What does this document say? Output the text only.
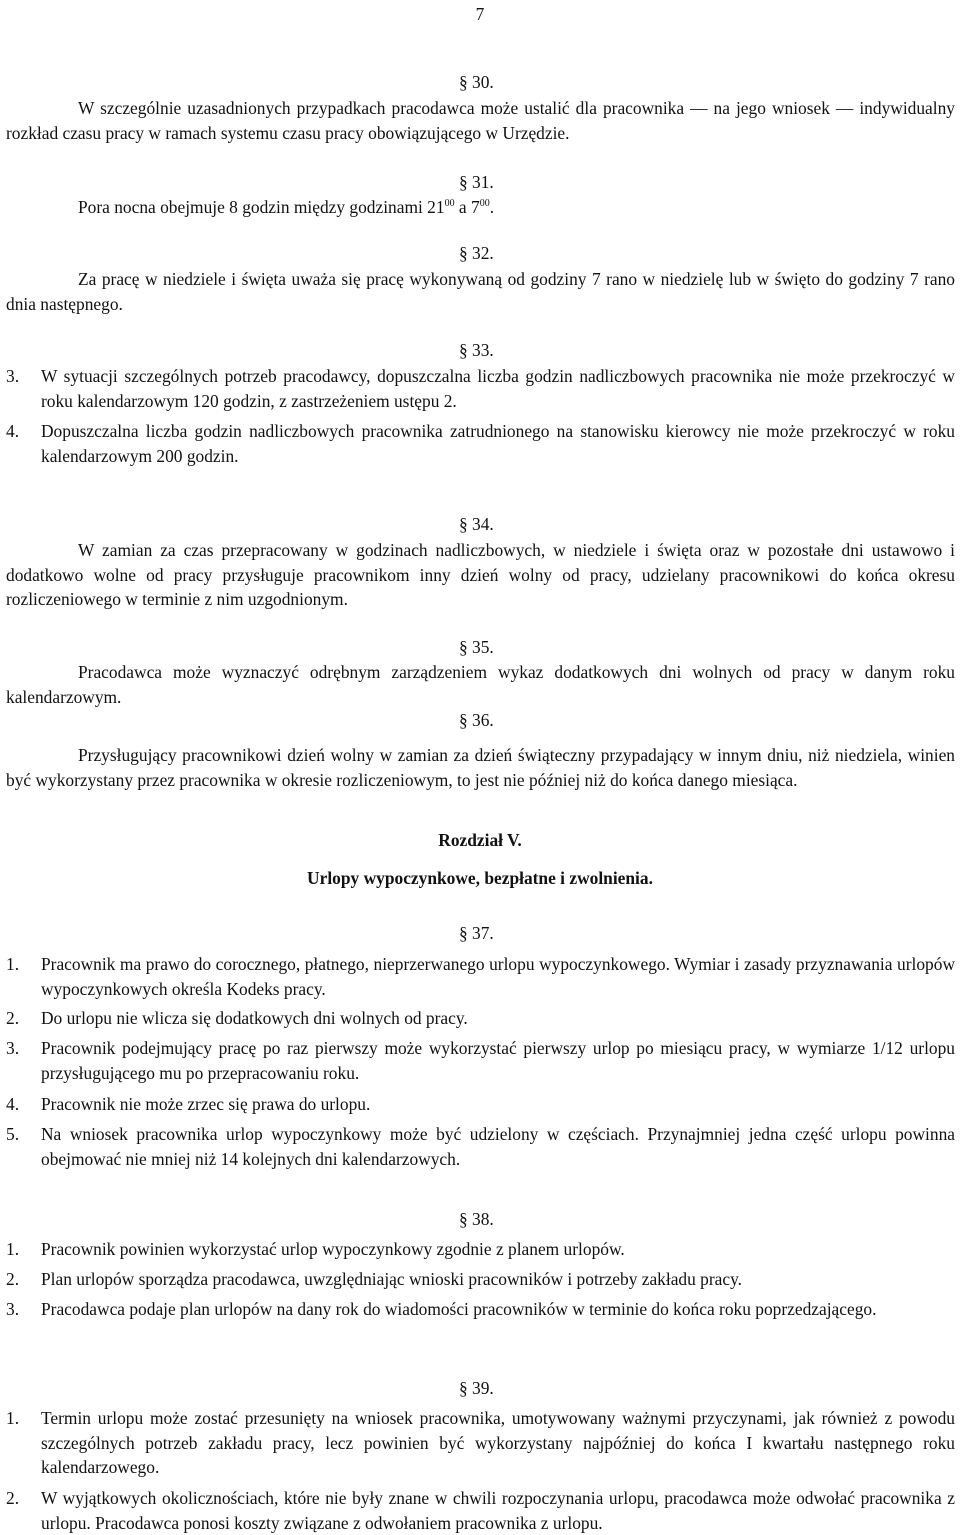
7
§ 30.
W szczególnie uzasadnionych przypadkach pracodawca może ustalić dla pracownika — na jego wniosek — indywidualny rozkład czasu pracy w ramach systemu czasu pracy obowiązującego w Urzędzie.
§ 31.
Pora nocna obejmuje 8 godzin między godzinami $21^{00}$ a $7^{00}$.
§ 32.
Za pracę w niedziele i święta uważa się pracę wykonywaną od godziny 7 rano w niedzielę lub w święto do godziny 7 rano dnia następnego.
§ 33.
3. W sytuacji szczególnych potrzeb pracodawcy, dopuszczalna liczba godzin nadliczbowych pracownika nie może przekroczyć w roku kalendarzowym 120 godzin, z zastrzeżeniem ustępu 2.
4. Dopuszczalna liczba godzin nadliczbowych pracownika zatrudnionego na stanowisku kierowcy nie może przekroczyć w roku kalendarzowym 200 godzin.
§ 34.
W zamian za czas przepracowany w godzinach nadliczbowych, w niedziele i święta oraz w pozostałe dni ustawowo i dodatkowo wolne od pracy przysługuje pracownikom inny dzień wolny od pracy, udzielany pracownikowi do końca okresu rozliczeniowego w terminie z nim uzgodnionym.
§ 35.
Pracodawca może wyznaczyć odrębnym zarządzeniem wykaz dodatkowych dni wolnych od pracy w danym roku kalendarzowym.
§ 36.
Przysługujący pracownikowi dzień wolny w zamian za dzień świąteczny przypadający w innym dniu, niż niedziela, winien być wykorzystany przez pracownika w okresie rozliczeniowym, to jest nie później niż do końca danego miesiąca.
Rozdział V.
Urlopy wypoczynkowe, bezpłatne i zwolnienia.
§ 37.
1. Pracownik ma prawo do corocznego, płatnego, nieprzerwanego urlopu wypoczynkowego. Wymiar i zasady przyznawania urlopów wypoczynkowych określa Kodeks pracy.
2. Do urlopu nie wlicza się dodatkowych dni wolnych od pracy.
3. Pracownik podejmujący pracę po raz pierwszy może wykorzystać pierwszy urlop po miesiącu pracy, w wymiarze 1/12 urlopu przysługującego mu po przepracowaniu roku.
4. Pracownik nie może zrzec się prawa do urlopu.
5. Na wniosek pracownika urlop wypoczynkowy może być udzielony w częściach. Przynajmniej jedna część urlopu powinna obejmować nie mniej niż 14 kolejnych dni kalendarzowych.
§ 38.
1. Pracownik powinien wykorzystać urlop wypoczynkowy zgodnie z planem urlopów.
2. Plan urlopów sporządza pracodawca, uwzględniając wnioski pracowników i potrzeby zakładu pracy.
3. Pracodawca podaje plan urlopów na dany rok do wiadomości pracowników w terminie do końca roku poprzedzającego.
§ 39.
1. Termin urlopu może zostać przesunięty na wniosek pracownika, umotywowany ważnymi przyczynami, jak również z powodu szczególnych potrzeb zakładu pracy, lecz powinien być wykorzystany najpóźniej do końca I kwartału następnego roku kalendarzowego.
2. W wyjątkowych okolicznościach, które nie były znane w chwili rozpoczynania urlopu, pracodawca może odwołać pracownika z urlopu. Pracodawca ponosi koszty związane z odwołaniem pracownika z urlopu.
